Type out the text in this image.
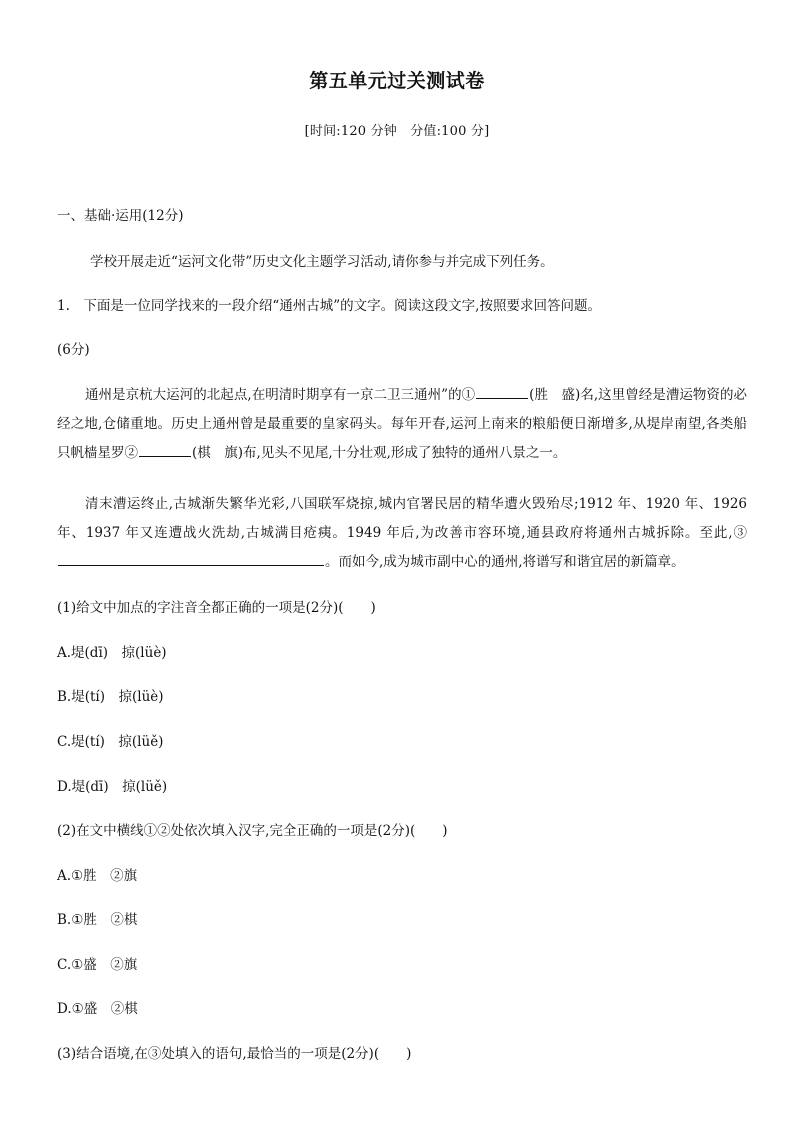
第五单元过关测试卷
[时间:120 分钟　分值:100 分]
一、基础·运用(12分)
学校开展走近“运河文化带”历史文化主题学习活动,请你参与并完成下列任务。
1.　下面是一位同学找来的一段介绍“通州古城”的文字。阅读这段文字,按照要求回答问题。
(6分)
通州是京杭大运河的北起点,在明清时期享有一京二卫三通州”的①	(胜　盛)名,这里曾经是漕运物资的必经之地,仓储重地。历史上通州曾是最重要的皇家码头。每年开春,运河上南来的粮船便日渐增多,从堤岸南望,各类船只帆樯星罗②	(棋　旗)布,见头不见尾,十分壮观,形成了独特的通州八景之一。
清末漕运终止,古城渐失繁华光彩,八国联军烧掠,城内官署民居的精华遭火毁殆尽;1912 年、1920 年、1926 年、1937 年又连遭战火洗劫,古城满目疮痍。1949 年后,为改善市容环境,通县政府将通州古城拆除。至此,③。而如今,成为城市副中心的通州,将谱写和谐宜居的新篇章。
(1)给文中加点的字注音全都正确的一项是(2分)(　　)
A.堤(dī)　掠(lüè)
B.堤(tí)　掠(lüè)
C.堤(tí)　掠(lüě)
D.堤(dī)　掠(lüě)
(2)在文中横线①②处依次填入汉字,完全正确的一项是(2分)(　　)
A.①胜　②旗
B.①胜　②棋
C.①盛　②旗
D.①盛　②棋
(3)结合语境,在③处填入的语句,最恰当的一项是(2分)(　　)
